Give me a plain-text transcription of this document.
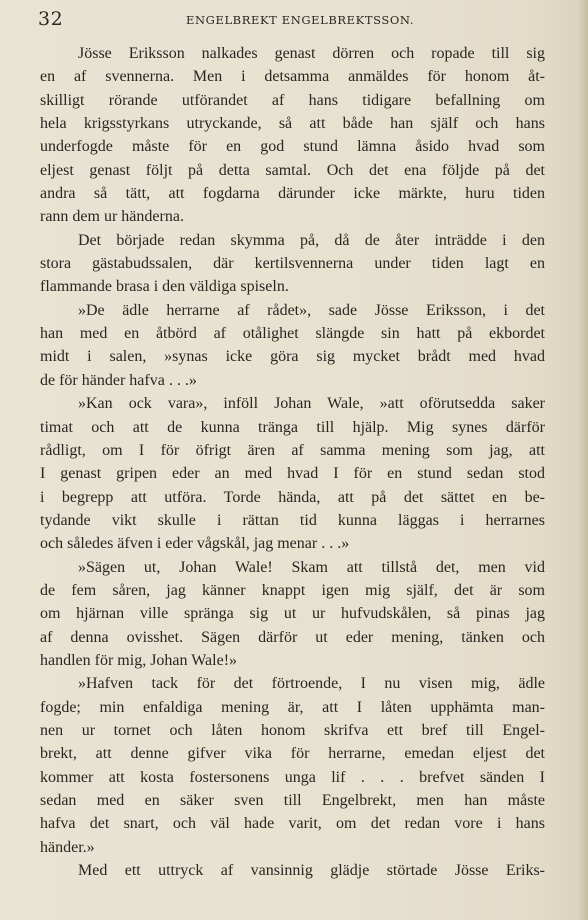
32	ENGELBREKT ENGELBREKTSSON.
Jösse Eriksson nalkades genast dörren och ropade till sig
en af svennerna. Men i detsamma anmäldes för honom åt-
skilligt rörande utförandet af hans tidigare befallning om
hela krigsstyrkans utryckande, så att både han själf och hans
underfogde måste för en god stund lämna åsido hvad som
eljest genast följt på detta samtal. Och det ena följde på det
andra så tätt, att fogdarna därunder icke märkte, huru tiden
rann dem ur händerna.
Det började redan skymma på, då de åter inträdde i den
stora gästabudssalen, där kertilsvennerna under tiden lagt en
flammande brasa i den väldiga spiseln.
»De ädle herrarne af rådet», sade Jösse Eriksson, i det
han med en åtbörd af otålighet slängde sin hatt på ekbordet
midt i salen, »synas icke göra sig mycket brådt med hvad
de för händer hafva . . .»
»Kan ock vara», inföll Johan Wale, »att oförutsedda saker
timat och att de kunna tränga till hjälp. Mig synes därför
rådligt, om I för öfrigt ären af samma mening som jag, att
I genast gripen eder an med hvad I för en stund sedan stod
i begrepp att utföra. Torde hända, att på det sättet en be-
tydande vikt skulle i rättan tid kunna läggas i herrarnes
och således äfven i eder vågskål, jag menar . . .»
»Sägen ut, Johan Wale! Skam att tillstå det, men vid
de fem såren, jag känner knappt igen mig själf, det är som
om hjärnan ville spränga sig ut ur hufvudskålen, så pinas jag
af denna ovisshet. Sägen därför ut eder mening, tänken och
handlen för mig, Johan Wale!»
»Hafven tack för det förtroende, I nu visen mig, ädle
fogde; min enfaldiga mening är, att I låten upphämta man-
nen ur tornet och låten honom skrifva ett bref till Engel-
brekt, att denne gifver vika för herrarne, emedan eljest det
kommer att kosta fostersonens unga lif . . . brefvet sänden I
sedan med en säker sven till Engelbrekt, men han måste
hafva det snart, och väl hade varit, om det redan vore i hans
händer.»
Med ett uttryck af vansinnig glädje störtade Jösse Eriks-
